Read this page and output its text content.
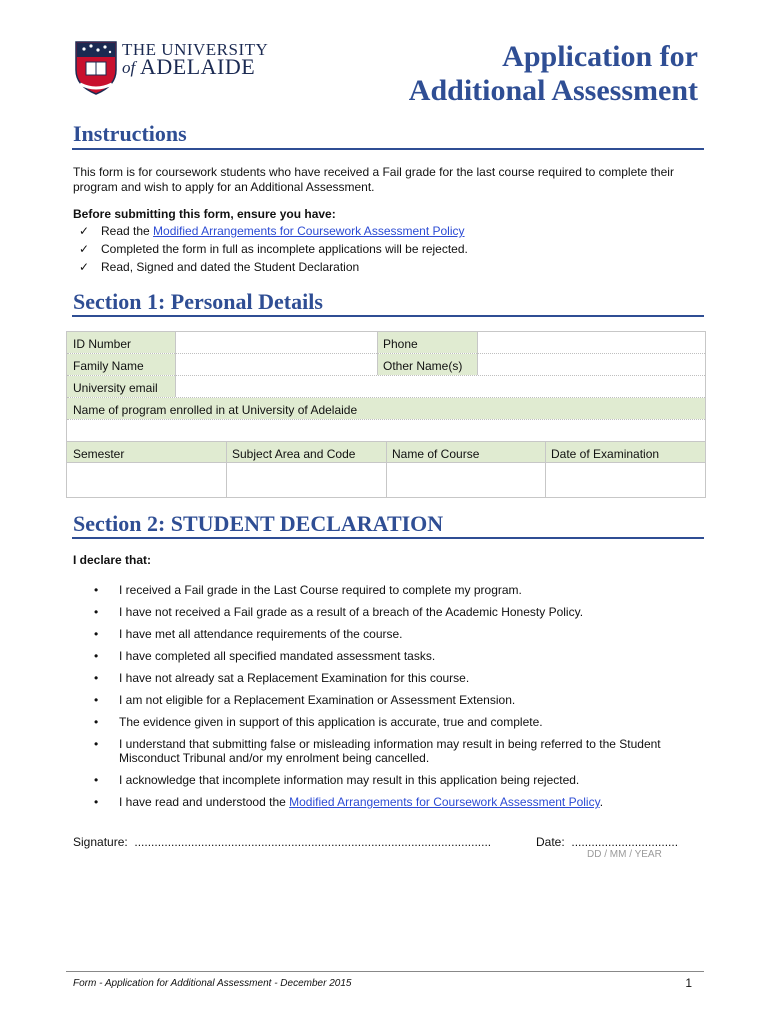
THE UNIVERSITY
of ADELAIDE	Application for
Additional Assessment
Instructions
This form is for coursework students who have received a Fail grade for the last course required to complete their program and wish to apply for an Additional Assessment.
Before submitting this form, ensure you have:
✓ Read the Modified Arrangements for Coursework Assessment Policy
✓ Completed the form in full as incomplete applications will be rejected.
✓ Read, Signed and dated the Student Declaration
Section 1: Personal Details
ID Number	Phone
Family Name	Other Name(s)
University email
Name of program enrolled in at University of Adelaide
Semester	Subject Area and Code	Name of Course	Date of Examination
Section 2: STUDENT DECLARATION
I declare that:
• I received a Fail grade in the Last Course required to complete my program.
• I have not received a Fail grade as a result of a breach of the Academic Honesty Policy.
• I have met all attendance requirements of the course.
• I have completed all specified mandated assessment tasks.
• I have not already sat a Replacement Examination for this course.
• I am not eligible for a Replacement Examination or Assessment Extension.
• The evidence given in support of this application is accurate, true and complete.
• I understand that submitting false or misleading information may result in being referred to the Student Misconduct Tribunal and/or my enrolment being cancelled.
• I acknowledge that incomplete information may result in this application being rejected.
• I have read and understood the Modified Arrangements for Coursework Assessment Policy.
Signature: ...........................................................................................................	Date: ................................
DD / MM / YEAR
Form - Application for Additional Assessment - December 2015	1
